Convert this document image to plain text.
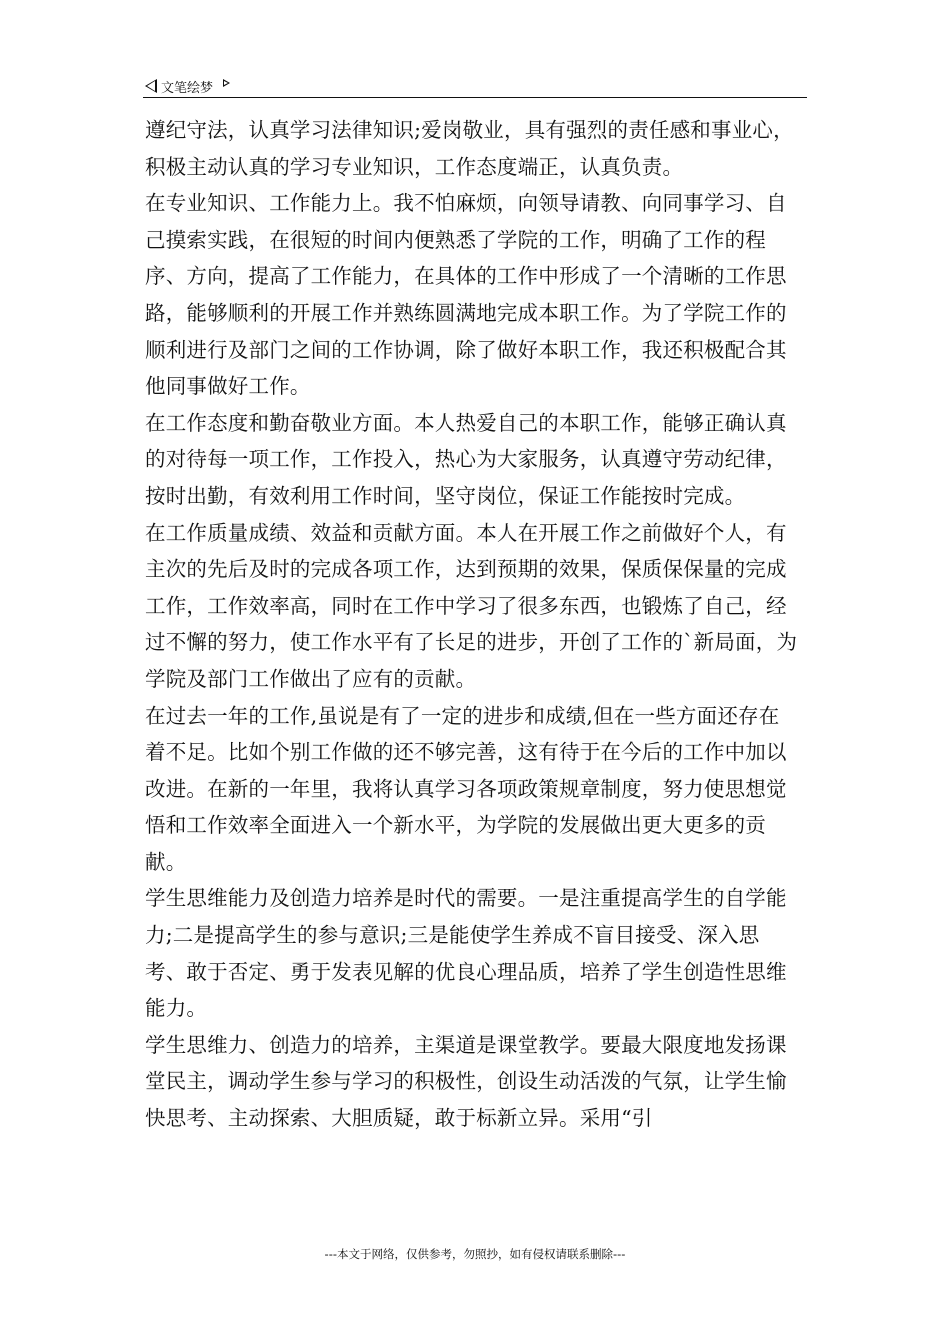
文笔绘梦

遵纪守法，认真学习法律知识;爱岗敬业，具有强烈的责任感和事业心，积极主动认真的学习专业知识，工作态度端正，认真负责。

在专业知识、工作能力上。我不怕麻烦，向领导请教、向同事学习、自己摸索实践，在很短的时间内便熟悉了学院的工作，明确了工作的程序、方向，提高了工作能力，在具体的工作中形成了一个清晰的工作思路，能够顺利的开展工作并熟练圆满地完成本职工作。为了学院工作的顺利进行及部门之间的工作协调，除了做好本职工作，我还积极配合其他同事做好工作。

在工作态度和勤奋敬业方面。本人热爱自己的本职工作，能够正确认真的对待每一项工作，工作投入，热心为大家服务，认真遵守劳动纪律，按时出勤，有效利用工作时间，坚守岗位，保证工作能按时完成。

在工作质量成绩、效益和贡献方面。本人在开展工作之前做好个人，有主次的先后及时的完成各项工作，达到预期的效果，保质保保量的完成工作，工作效率高，同时在工作中学习了很多东西，也锻炼了自己，经过不懈的努力，使工作水平有了长足的进步，开创了工作的`新局面，为学院及部门工作做出了应有的贡献。

在过去一年的工作,虽说是有了一定的进步和成绩,但在一些方面还存在着不足。比如个别工作做的还不够完善，这有待于在今后的工作中加以改进。在新的一年里，我将认真学习各项政策规章制度，努力使思想觉悟和工作效率全面进入一个新水平，为学院的发展做出更大更多的贡献。

学生思维能力及创造力培养是时代的需要。一是注重提高学生的自学能力;二是提高学生的参与意识;三是能使学生养成不盲目接受、深入思考、敢于否定、勇于发表见解的优良心理品质，培养了学生创造性思维能力。

学生思维力、创造力的培养，主渠道是课堂教学。要最大限度地发扬课堂民主，调动学生参与学习的积极性，创设生动活泼的气氛，让学生愉快思考、主动探索、大胆质疑，敢于标新立异。采用“引

---本文于网络，仅供参考，勿照抄，如有侵权请联系删除---
